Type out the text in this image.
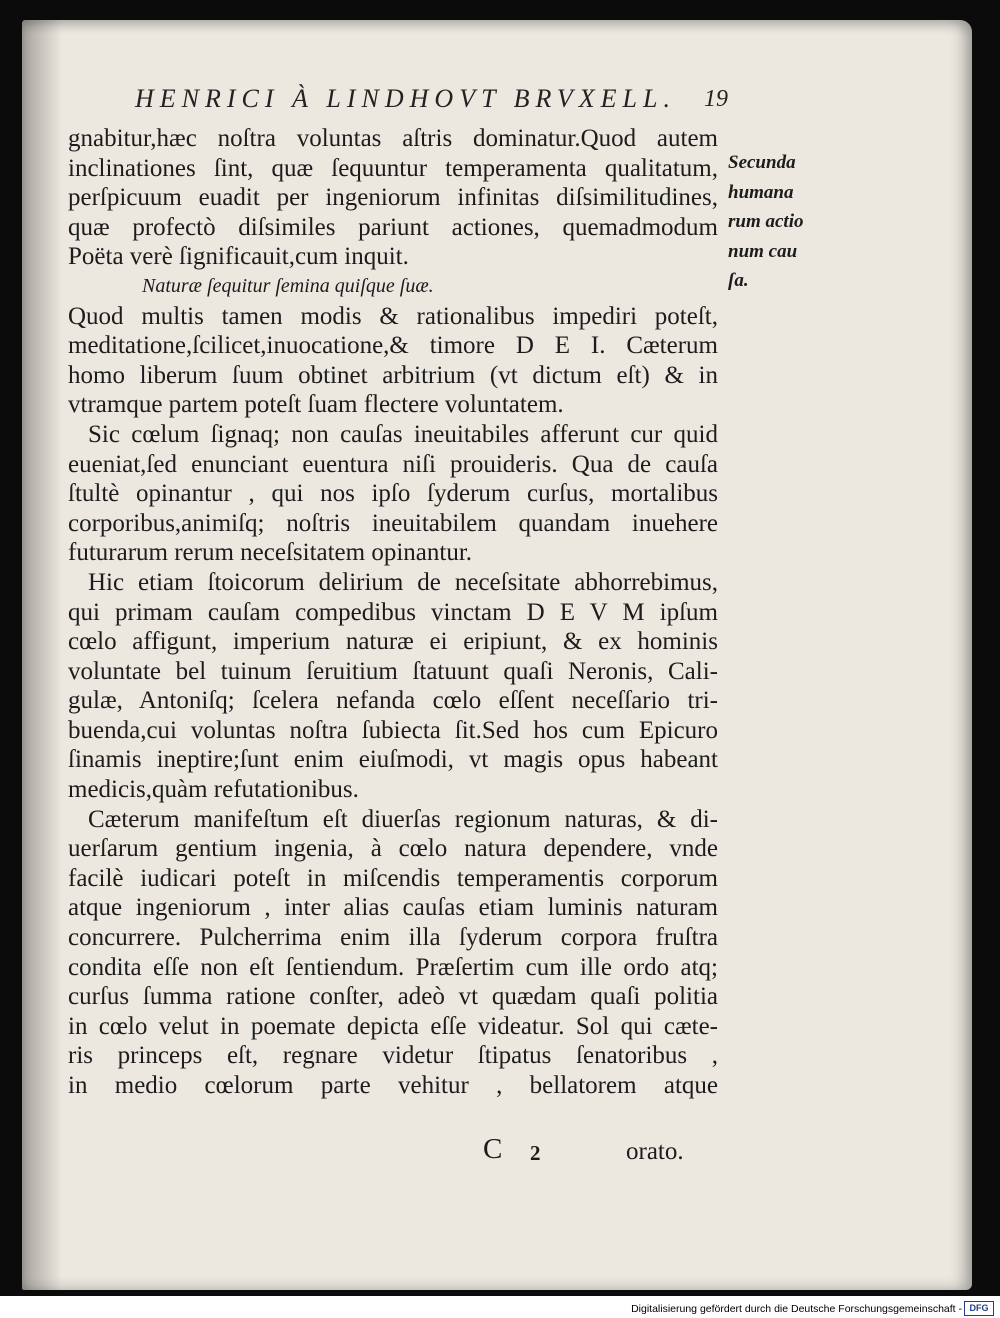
HENRICI À LINDHOVT BRVXELL. 19
gnabitur,hæc noſtra voluntas aſtris dominatur.Quod autem
inclinationes ſint, quæ ſequuntur temperamenta qualitatum,
perſpicuum euadit per ingeniorum infinitas diſsimilitudines,
quæ profectò diſsimiles pariunt actiones, quemadmodum
Poëta verè ſignificauit,cum inquit.
Naturæ ſequitur ſemina quiſque ſuæ.
Quod multis tamen modis & rationalibus impediri poteſt,
meditatione,ſcilicet,inuocatione,& timore D E I. Cæterum
homo liberum ſuum obtinet arbitrium (vt dictum eſt) & in
vtramque partem poteſt ſuam flectere voluntatem.
Sic cœlum ſignaq; non cauſas ineuitabiles afferunt cur quid
eueniat,ſed enunciant euentura niſi prouideris. Qua de cauſa
ſtultè opinantur , qui nos ipſo ſyderum curſus, mortalibus
corporibus,animiſq; noſtris ineuitabilem quandam inuehere
futurarum rerum neceſsitatem opinantur.
Hic etiam ſtoicorum delirium de neceſsitate abhorrebimus,
qui primam cauſam compedibus vinctam D E V M ipſum
cœlo affigunt, imperium naturæ ei eripiunt, & ex hominis
voluntate bel tuinum ſeruitium ſtatuunt quaſi Neronis, Cali-
gulæ, Antoniſq; ſcelera nefanda cœlo eſſent neceſſario tri-
buenda,cui voluntas noſtra ſubiecta ſit.Sed hos cum Epicuro
ſinamis ineptire;ſunt enim eiuſmodi, vt magis opus habeant
medicis,quàm refutationibus.
Cæterum manifeſtum eſt diuerſas regionum naturas, & di-
uerſarum gentium ingenia, à cœlo natura dependere, vnde
facilè iudicari poteſt in miſcendis temperamentis corporum
atque ingeniorum , inter alias cauſas etiam luminis naturam
concurrere. Pulcherrima enim illa ſyderum corpora fruſtra
condita eſſe non eſt ſentiendum. Præſertim cum ille ordo atq;
curſus ſumma ratione conſter, adeò vt quædam quaſi politia
in cœlo velut in poemate depicta eſſe videatur. Sol qui cæte-
ris princeps eſt, regnare videtur ſtipatus ſenatoribus ,
in medio cœlorum parte vehitur , bellatorem atque
Secunda
humana
rum actio
num cau
ſa.
C 2	orato.
Digitalisierung gefördert durch die Deutsche Forschungsgemeinschaft - DFG
